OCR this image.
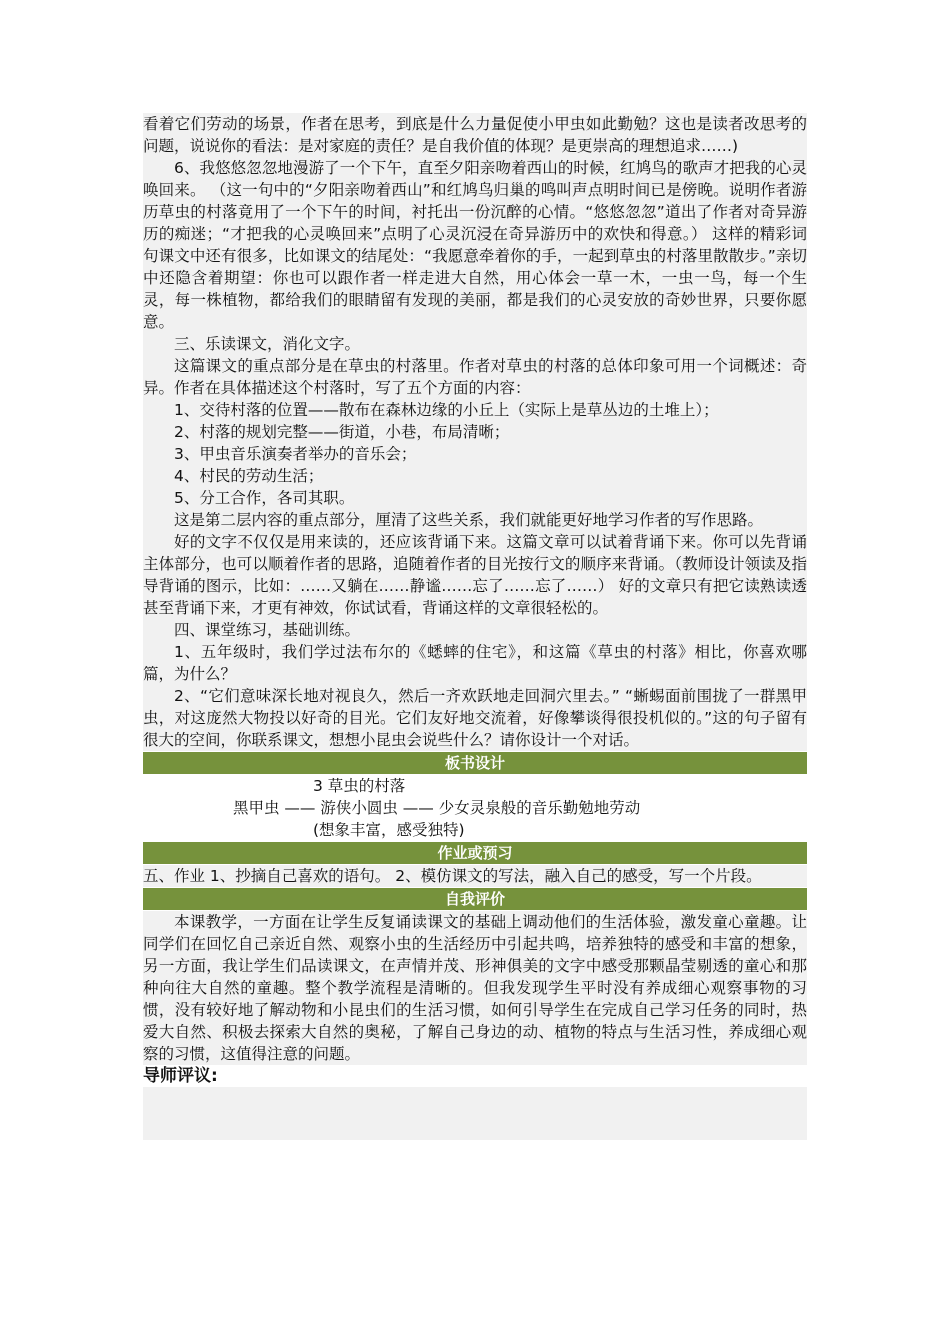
看着它们劳动的场景，作者在思考，到底是什么力量促使小甲虫如此勤勉？这也是读者改思考的问题，说说你的看法：是对家庭的责任？是自我价值的体现？是更崇高的理想追求……)

6、我悠悠忽忽地漫游了一个下午，直至夕阳亲吻着西山的时候，红鸠鸟的歌声才把我的心灵唤回来。 （这一句中的“夕阳亲吻着西山”和红鸠鸟归巢的鸣叫声点明时间已是傍晚。说明作者游历草虫的村落竟用了一个下午的时间，衬托出一份沉醉的心情。“悠悠忽忽”道出了作者对奇异游历的痴迷；“才把我的心灵唤回来”点明了心灵沉浸在奇异游历中的欢快和得意。） 这样的精彩词句课文中还有很多，比如课文的结尾处：“我愿意牵着你的手，一起到草虫的村落里散散步。”亲切中还隐含着期望：你也可以跟作者一样走进大自然，用心体会一草一木，一虫一鸟，每一个生灵，每一株植物，都给我们的眼睛留有发现的美丽，都是我们的心灵安放的奇妙世界，只要你愿意。

三、乐读课文，消化文字。

这篇课文的重点部分是在草虫的村落里。作者对草虫的村落的总体印象可用一个词概述：奇异。作者在具体描述这个村落时，写了五个方面的内容：

1、交待村落的位置——散布在森林边缘的小丘上（实际上是草丛边的土堆上）；

2、村落的规划完整——街道，小巷，布局清晰；

3、甲虫音乐演奏者举办的音乐会；

4、村民的劳动生活；

5、分工合作，各司其职。

这是第二层内容的重点部分，厘清了这些关系，我们就能更好地学习作者的写作思路。

好的文字不仅仅是用来读的，还应该背诵下来。这篇文章可以试着背诵下来。你可以先背诵主体部分，也可以顺着作者的思路，追随着作者的目光按行文的顺序来背诵。（教师设计领读及指导背诵的图示，比如：……又躺在……静谧……忘了……忘了……） 好的文章只有把它读熟读透甚至背诵下来，才更有神效，你试试看，背诵这样的文章很轻松的。

四、课堂练习，基础训练。

1、五年级时，我们学过法布尔的《蟋蟀的住宅》，和这篇《草虫的村落》相比，你喜欢哪篇，为什么？

2、“它们意味深长地对视良久，然后一齐欢跃地走回洞穴里去。” “蜥蜴面前围拢了一群黑甲虫，对这庞然大物投以好奇的目光。它们友好地交流着，好像攀谈得很投机似的。”这的句子留有很大的空间，你联系课文，想想小昆虫会说些什么？请你设计一个对话。

板书设计
3 草虫的村落
黑甲虫 —— 游侠小圆虫 —— 少女灵泉般的音乐勤勉地劳动
(想象丰富，感受独特)
作业或预习

五、作业 1、抄摘自己喜欢的语句。 2、模仿课文的写法，融入自己的感受，写一个片段。

自我评价

本课教学，一方面在让学生反复诵读课文的基础上调动他们的生活体验，激发童心童趣。让同学们在回忆自己亲近自然、观察小虫的生活经历中引起共鸣，培养独特的感受和丰富的想象，另一方面，我让学生们品读课文，在声情并茂、形神俱美的文字中感受那颗晶莹剔透的童心和那种向往大自然的童趣。整个教学流程是清晰的。但我发现学生平时没有养成细心观察事物的习惯，没有较好地了解动物和小昆虫们的生活习惯，如何引导学生在完成自己学习任务的同时，热爱大自然、积极去探索大自然的奥秘，了解自己身边的动、植物的特点与生活习性，养成细心观察的习惯，这值得注意的问题。

导师评议:
